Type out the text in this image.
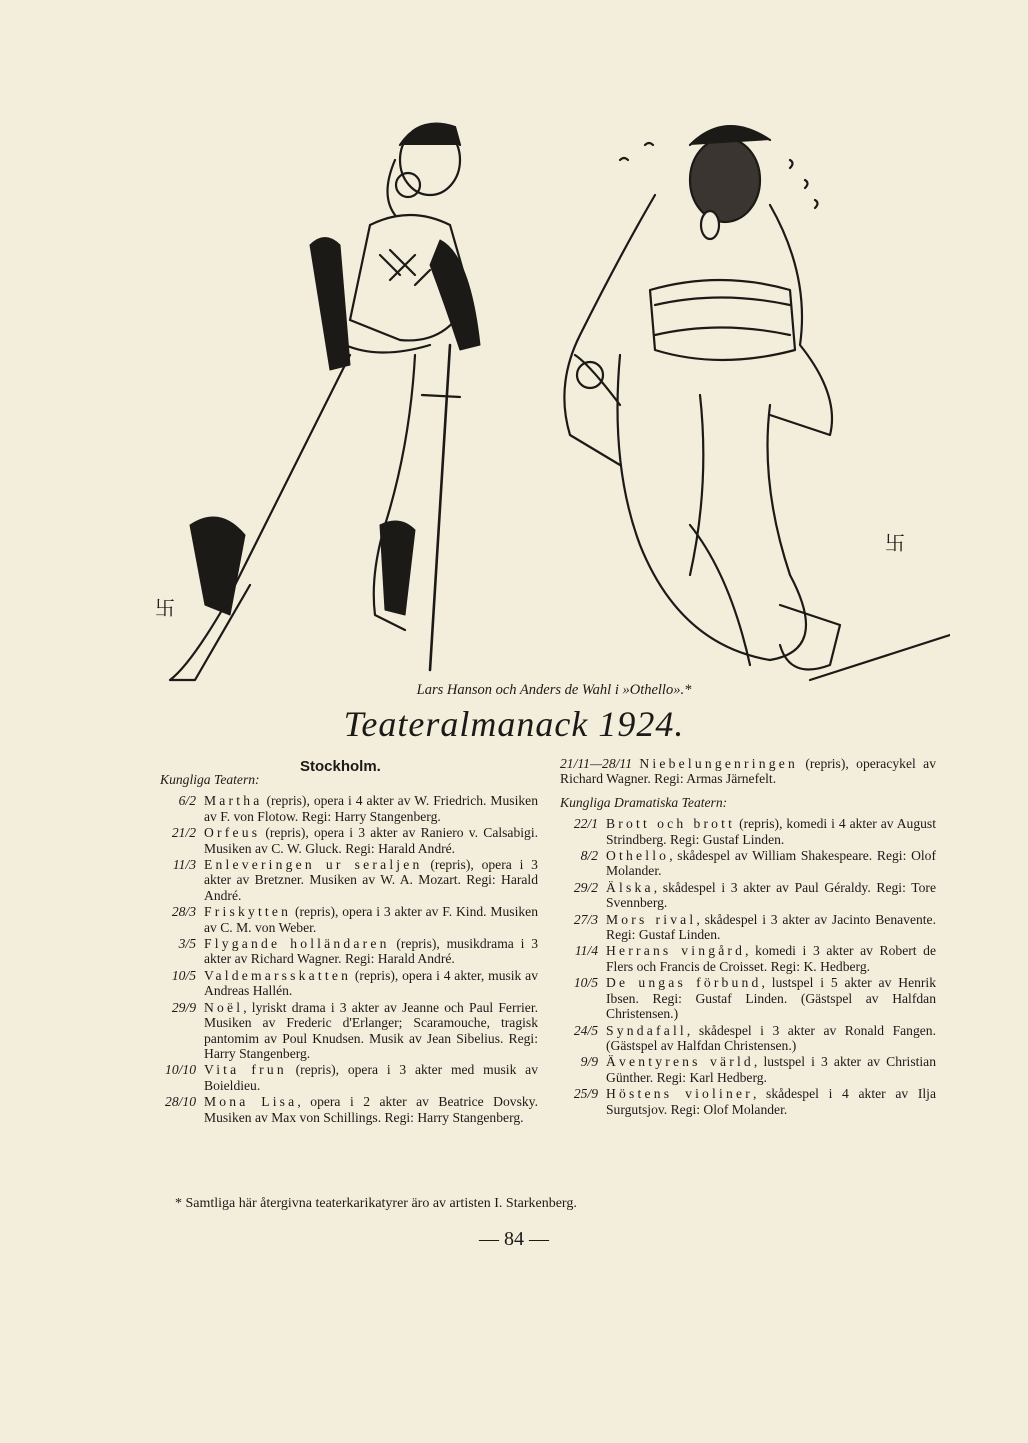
卐
卐
Lars Hanson och Anders de Wahl i »Othello».*
Teateralmanack 1924.
Stockholm.
Kungliga Teatern:
6/2 Martha (repris), opera i 4 akter av W. Friedrich. Musiken av F. von Flotow. Regi: Harry Stangenberg.
21/2 Orfeus (repris), opera i 3 akter av Raniero v. Calsabigi. Musiken av C. W. Gluck. Regi: Harald André.
11/3 Enleveringen ur seraljen (repris), opera i 3 akter av Bretzner. Musiken av W. A. Mozart. Regi: Harald André.
28/3 Friskytten (repris), opera i 3 akter av F. Kind. Musiken av C. M. von Weber.
3/5 Flygande holländaren (repris), musikdrama i 3 akter av Richard Wagner. Regi: Harald André.
10/5 Valdemarsskatten (repris), opera i 4 akter, musik av Andreas Hallén.
29/9 Noël, lyriskt drama i 3 akter av Jeanne och Paul Ferrier. Musiken av Frederic d'Erlanger; Scaramouche, tragisk pantomim av Poul Knudsen. Musik av Jean Sibelius. Regi: Harry Stangenberg.
10/10 Vita frun (repris), opera i 3 akter med musik av Boieldieu.
28/10 Mona Lisa, opera i 2 akter av Beatrice Dovsky. Musiken av Max von Schillings. Regi: Harry Stangenberg.
21/11—28/11 Niebelungenringen (repris), operacykel av Richard Wagner. Regi: Armas Järnefelt.
Kungliga Dramatiska Teatern:
22/1 Brott och brott (repris), komedi i 4 akter av August Strindberg. Regi: Gustaf Linden.
8/2 Othello, skådespel av William Shakespeare. Regi: Olof Molander.
29/2 Älska, skådespel i 3 akter av Paul Géraldy. Regi: Tore Svennberg.
27/3 Mors rival, skådespel i 3 akter av Jacinto Benavente. Regi: Gustaf Linden.
11/4 Herrans vingård, komedi i 3 akter av Robert de Flers och Francis de Croisset. Regi: K. Hedberg.
10/5 De ungas förbund, lustspel i 5 akter av Henrik Ibsen. Regi: Gustaf Linden. (Gästspel av Halfdan Christensen.)
24/5 Syndafall, skådespel i 3 akter av Ronald Fangen. (Gästspel av Halfdan Christensen.)
9/9 Äventyrens värld, lustspel i 3 akter av Christian Günther. Regi: Karl Hedberg.
25/9 Höstens violiner, skådespel i 4 akter av Ilja Surgutsjov. Regi: Olof Molander.
* Samtliga här återgivna teaterkarikatyrer äro av artisten I. Starkenberg.
— 84 —
